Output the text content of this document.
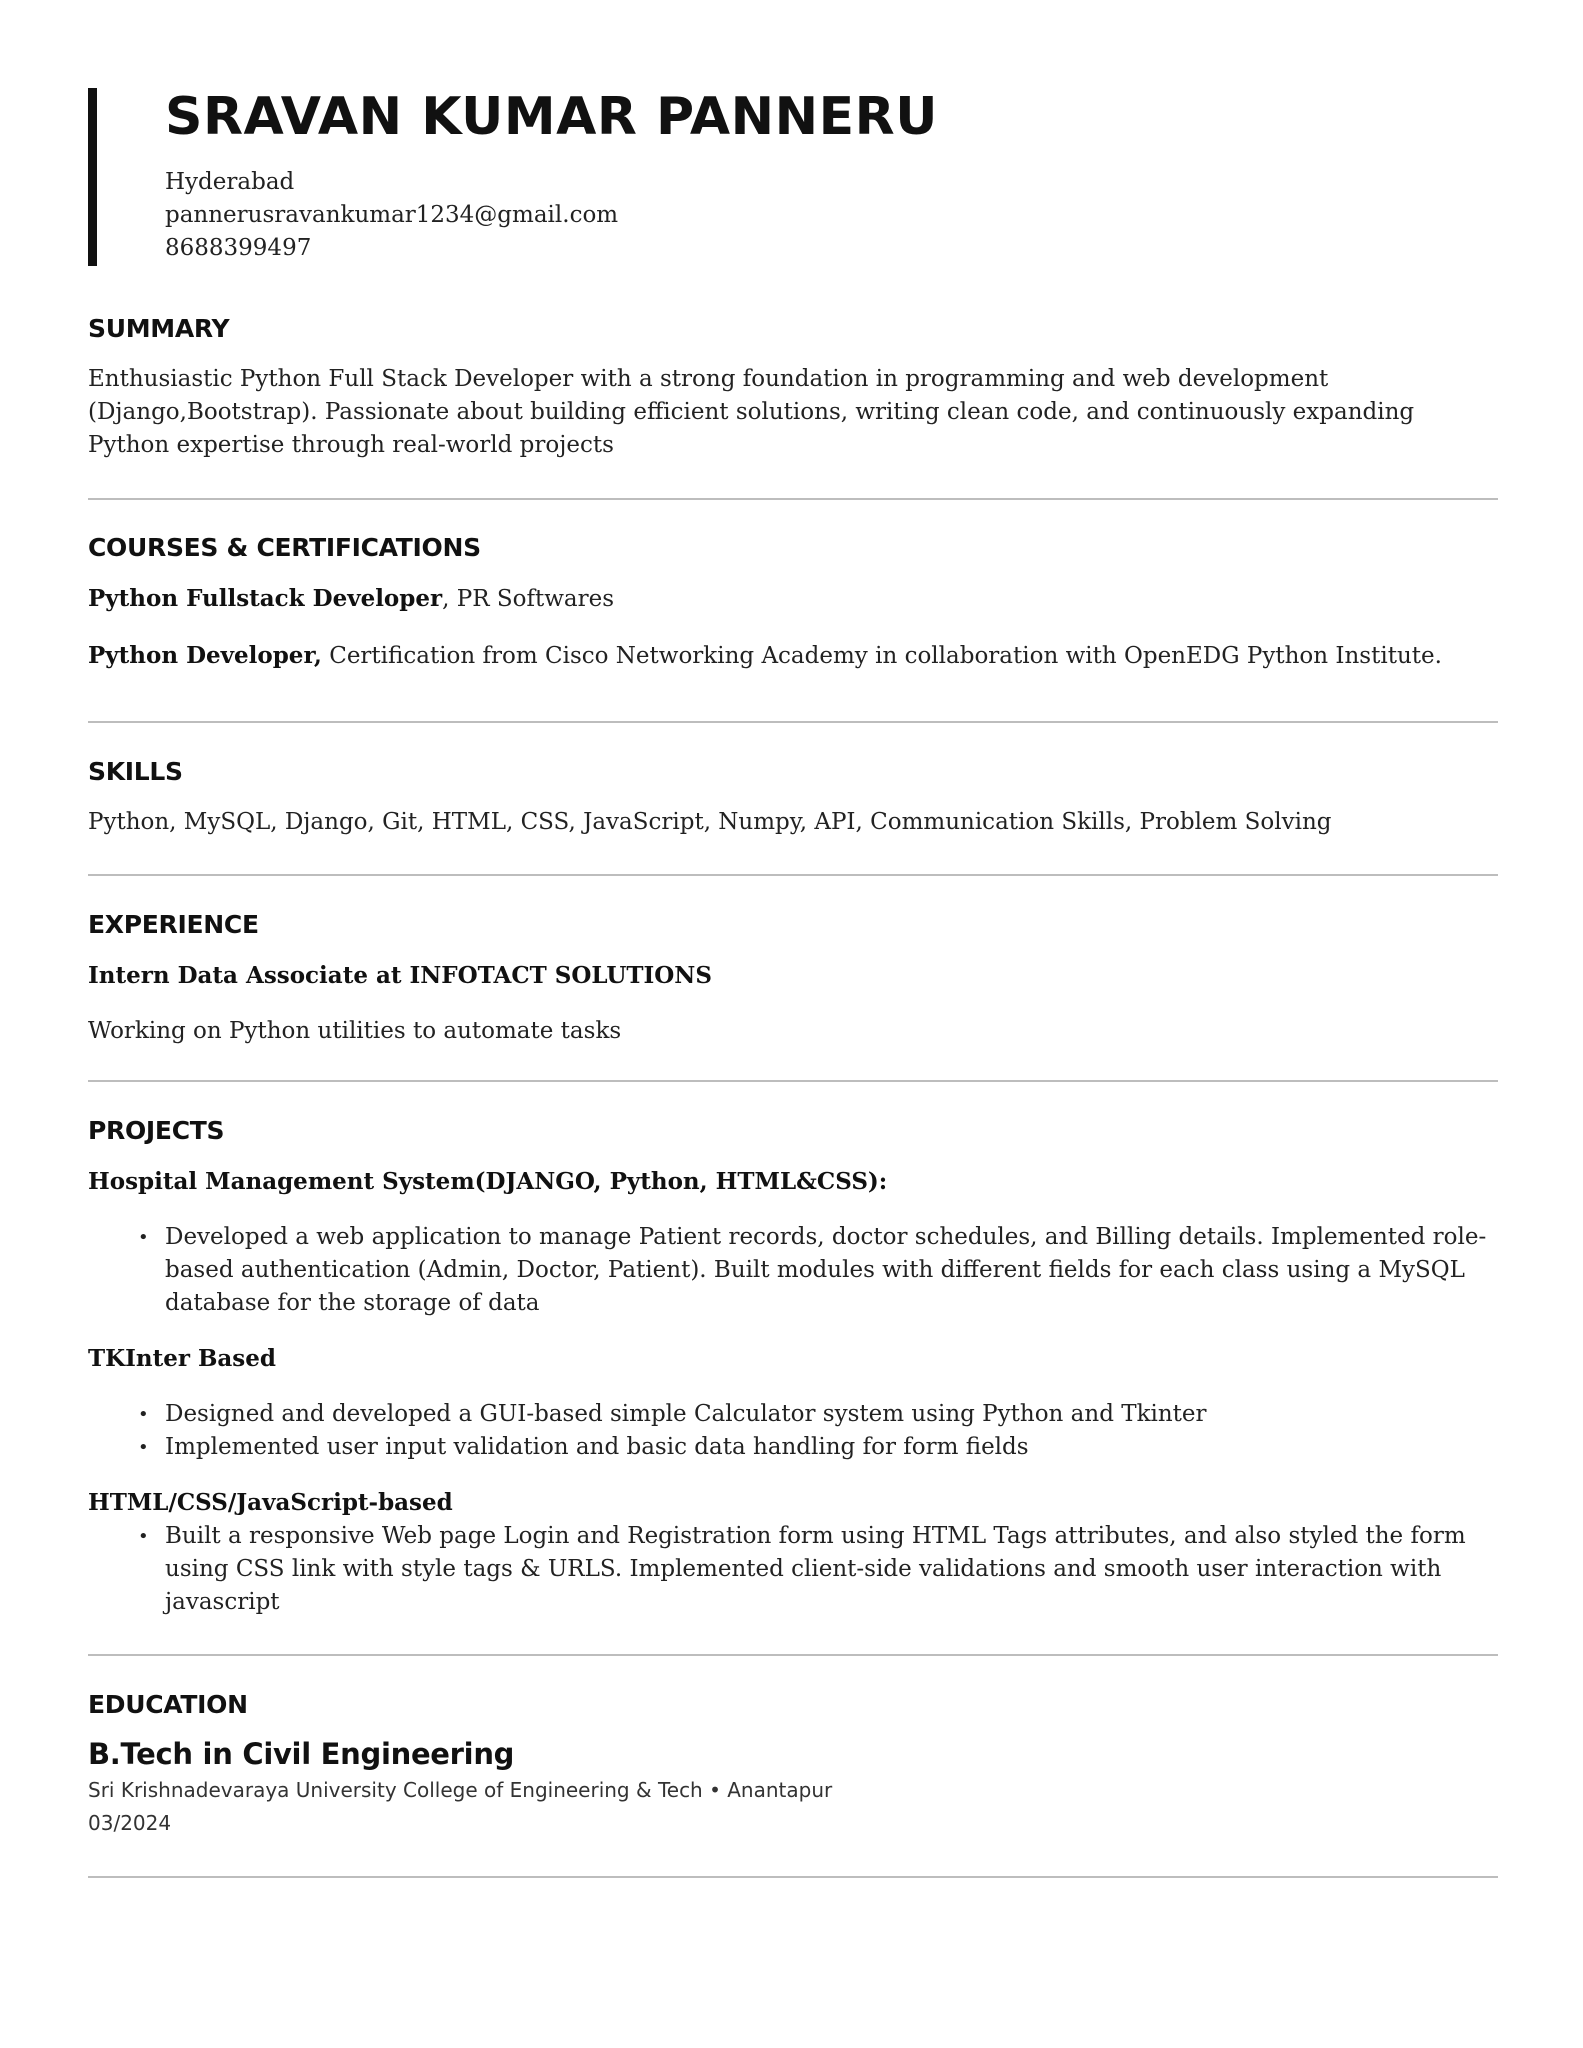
SRAVAN KUMAR PANNERU
Hyderabad
pannerusravankumar1234@gmail.com
8688399497
SUMMARY
Enthusiastic Python Full Stack Developer with a strong foundation in programming and web development (Django,Bootstrap). Passionate about building efficient solutions, writing clean code, and continuously expanding Python expertise through real-world projects
COURSES & CERTIFICATIONS
Python Fullstack Developer, PR Softwares
Python Developer, Certification from Cisco Networking Academy in collaboration with OpenEDG Python Institute.
SKILLS
Python, MySQL, Django, Git, HTML, CSS, JavaScript, Numpy, API, Communication Skills, Problem Solving
EXPERIENCE
Intern Data Associate at INFOTACT SOLUTIONS
Working on Python utilities to automate tasks
PROJECTS
Hospital Management System(DJANGO, Python, HTML&CSS):
• Developed a web application to manage Patient records, doctor schedules, and Billing details. Implemented role-based authentication (Admin, Doctor, Patient). Built modules with different fields for each class using a MySQL database for the storage of data
TKInter Based
• Designed and developed a GUI-based simple Calculator system using Python and Tkinter
• Implemented user input validation and basic data handling for form fields
HTML/CSS/JavaScript-based
• Built a responsive Web page Login and Registration form using HTML Tags attributes, and also styled the form using CSS link with style tags & URLS. Implemented client-side validations and smooth user interaction with javascript
EDUCATION
B.Tech in Civil Engineering
Sri Krishnadevaraya University College of Engineering & Tech • Anantapur
03/2024
